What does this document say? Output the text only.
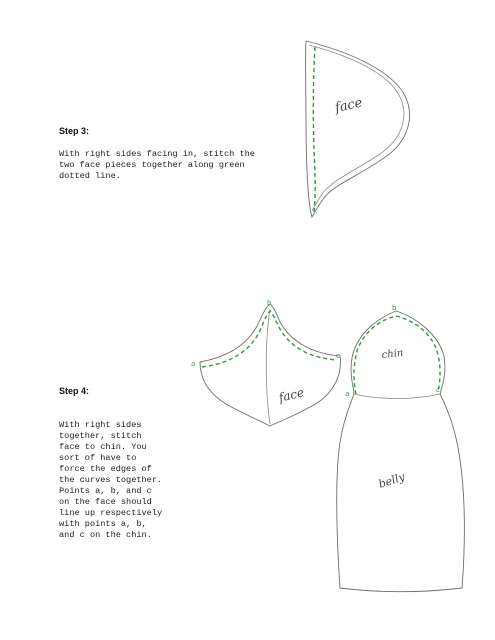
Step 3:

With right sides facing in, stitch the

two face pieces together along green

dotted line.

Step 4:

With right sides

together, stitch

face to chin. You

sort of have to

force the edges of

the curves together.

Points a, b, and c

on the face should

line up respectively

with points a, b,

and c on the chin.

face
face
a
b
c	chin
belly
a
b
c
